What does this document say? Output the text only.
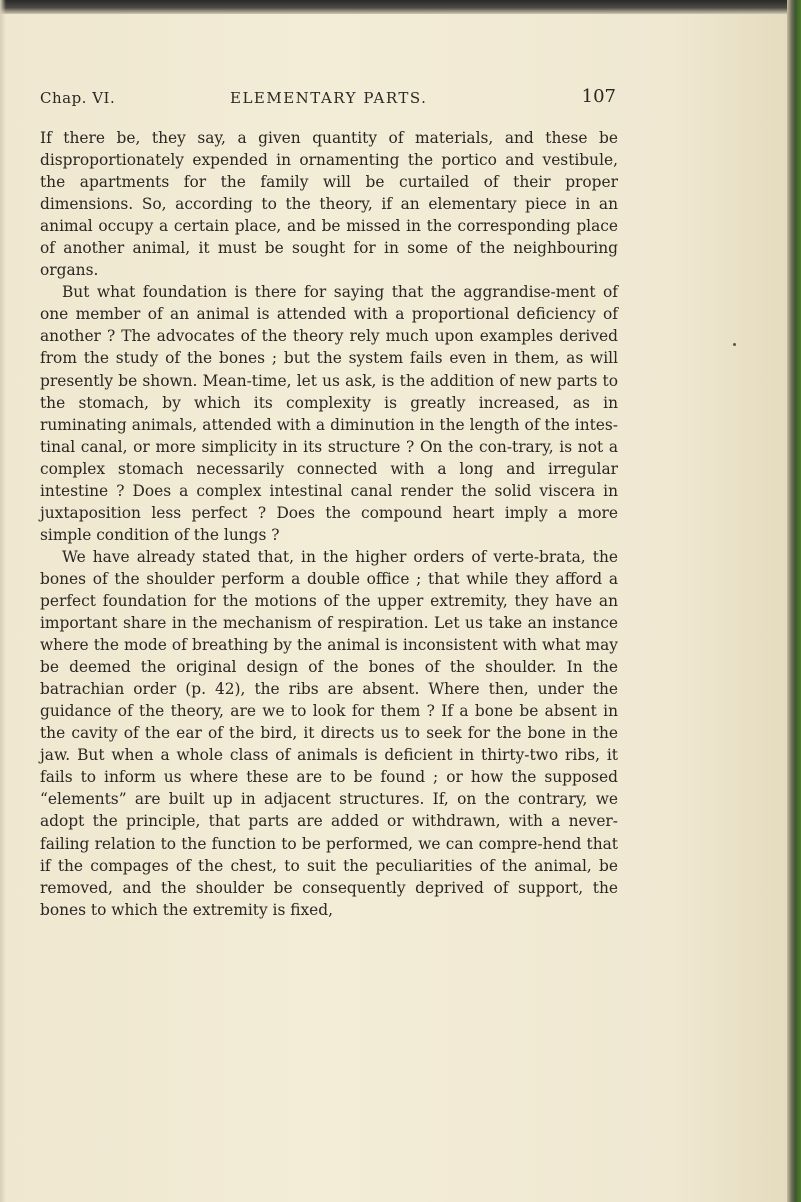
Chap. VI.	ELEMENTARY PARTS.	107

If there be, they say, a given quantity of materials, and these be disproportionately expended in ornamenting the portico and vestibule, the apartments for the family will be curtailed of their proper dimensions. So, according to the theory, if an elementary piece in an animal occupy a certain place, and be missed in the corresponding place of another animal, it must be sought for in some of the neighbouring organs.

But what foundation is there for saying that the aggrandise-ment of one member of an animal is attended with a proportional deficiency of another ? The advocates of the theory rely much upon examples derived from the study of the bones ; but the system fails even in them, as will presently be shown. Mean-time, let us ask, is the addition of new parts to the stomach, by which its complexity is greatly increased, as in ruminating animals, attended with a diminution in the length of the intes-tinal canal, or more simplicity in its structure ? On the con-trary, is not a complex stomach necessarily connected with a long and irregular intestine ? Does a complex intestinal canal render the solid viscera in juxtaposition less perfect ? Does the compound heart imply a more simple condition of the lungs ?

We have already stated that, in the higher orders of verte-brata, the bones of the shoulder perform a double office ; that while they afford a perfect foundation for the motions of the upper extremity, they have an important share in the mechanism of respiration. Let us take an instance where the mode of breathing by the animal is inconsistent with what may be deemed the original design of the bones of the shoulder. In the batrachian order (p. 42), the ribs are absent. Where then, under the guidance of the theory, are we to look for them ? If a bone be absent in the cavity of the ear of the bird, it directs us to seek for the bone in the jaw. But when a whole class of animals is deficient in thirty-two ribs, it fails to inform us where these are to be found ; or how the supposed “elements” are built up in adjacent structures. If, on the contrary, we adopt the principle, that parts are added or withdrawn, with a never-failing relation to the function to be performed, we can compre-hend that if the compages of the chest, to suit the peculiarities of the animal, be removed, and the shoulder be consequently deprived of support, the bones to which the extremity is fixed,
